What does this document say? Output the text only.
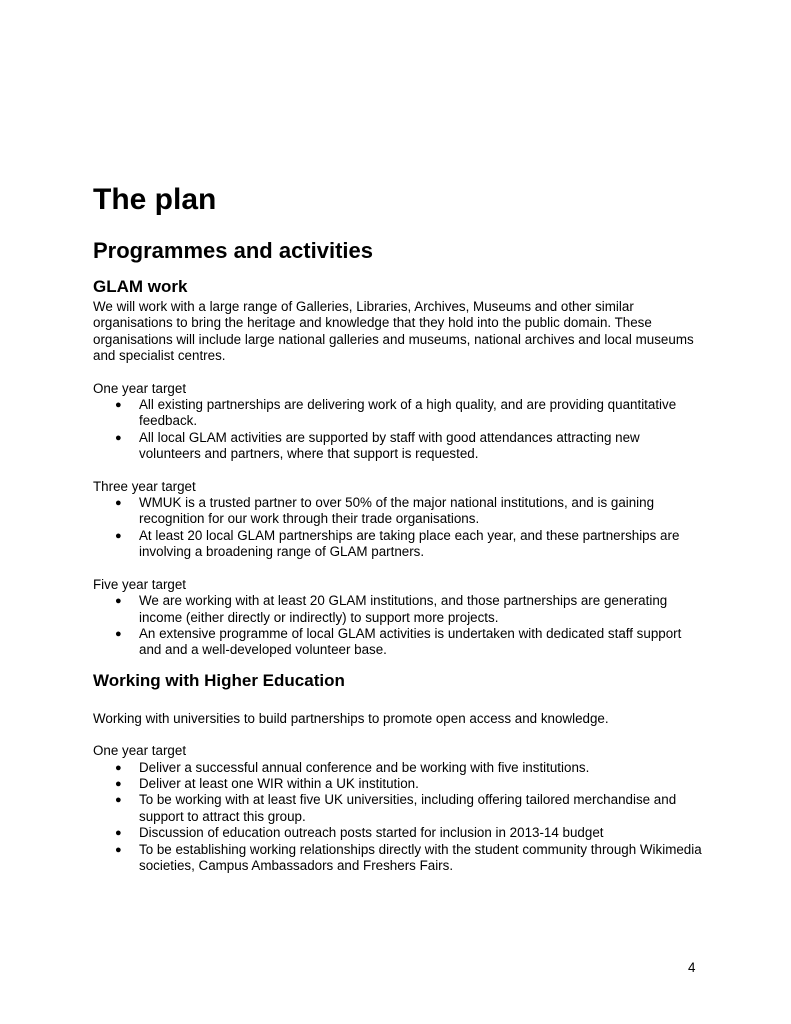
The plan
Programmes and activities
GLAM work

We will work with a large range of Galleries, Libraries, Archives, Museums and other similar organisations to bring the heritage and knowledge that they hold into the public domain. These organisations will include large national galleries and museums, national archives and local museums and specialist centres.

One year target
● All existing partnerships are delivering work of a high quality, and are providing quantitative feedback.
● All local GLAM activities are supported by staff with good attendances attracting new volunteers and partners, where that support is requested.
Three year target
● WMUK is a trusted partner to over 50% of the major national institutions, and is gaining recognition for our work through their trade organisations.
● At least 20 local GLAM partnerships are taking place each year, and these partnerships are involving a broadening range of GLAM partners.
Five year target
● We are working with at least 20 GLAM institutions, and those partnerships are generating income (either directly or indirectly) to support more projects.
● An extensive programme of local GLAM activities is undertaken with dedicated staff support and and a well-developed volunteer base.
Working with Higher Education

Working with universities to build partnerships to promote open access and knowledge.

One year target
● Deliver a successful annual conference and be working with five institutions.
● Deliver at least one WIR within a UK institution.
● To be working with at least five UK universities, including offering tailored merchandise and support to attract this group.
● Discussion of education outreach posts started for inclusion in 2013-14 budget
● To be establishing working relationships directly with the student community through Wikimedia societies, Campus Ambassadors and Freshers Fairs.
4
